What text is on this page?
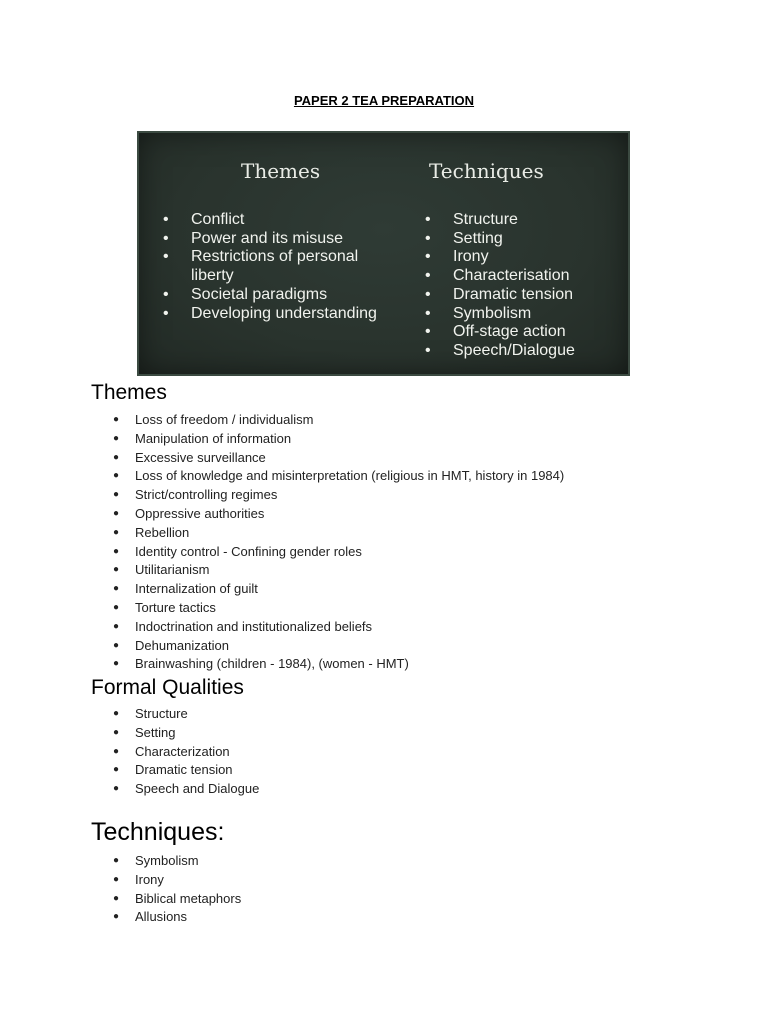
PAPER 2 TEA PREPARATION
Themes
• Conflict
• Power and its misuse
• Restrictions of personal
liberty
• Societal paradigms
• Developing understanding
Techniques
• Structure
• Setting
• Irony
• Characterisation
• Dramatic tension
• Symbolism
• Off-stage action
• Speech/Dialogue
Themes
● Loss of freedom / individualism
● Manipulation of information
● Excessive surveillance
● Loss of knowledge and misinterpretation (religious in HMT, history in 1984)
● Strict/controlling regimes
● Oppressive authorities
● Rebellion
● Identity control - Confining gender roles
● Utilitarianism
● Internalization of guilt
● Torture tactics
● Indoctrination and institutionalized beliefs
● Dehumanization
● Brainwashing (children - 1984), (women - HMT)
Formal Qualities
● Structure
● Setting
● Characterization
● Dramatic tension
● Speech and Dialogue
Techniques:
● Symbolism
● Irony
● Biblical metaphors
● Allusions
